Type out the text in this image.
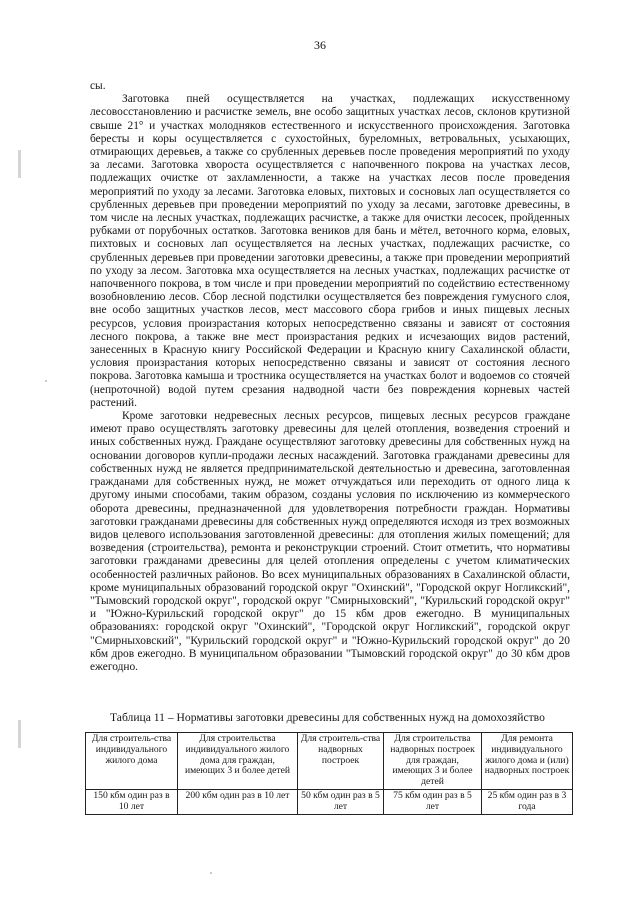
36

сы.

Заготовка пней осуществляется на участках, подлежащих искусственному лесовосстановлению и расчистке земель, вне особо защитных участках лесов, склонов крутизной свыше 21° и участках молодняков естественного и искусственного происхождения. Заготовка бересты и коры осуществляется с сухостойных, буреломных, ветровальных, усыхающих, отмирающих деревьев, а также со срубленных деревьев после проведения мероприятий по уходу за лесами. Заготовка хвороста осуществляется с напочвенного покрова на участках лесов, подлежащих очистке от захламленности, а также на участках лесов после проведения мероприятий по уходу за лесами. Заготовка еловых, пихтовых и сосновых лап осуществляется со срубленных деревьев при проведении мероприятий по уходу за лесами, заготовке древесины, в том числе на лесных участках, подлежащих расчистке, а также для очистки лесосек, пройденных рубками от порубочных остатков. Заготовка веников для бань и мётел, веточного корма, еловых, пихтовых и сосновых лап осуществляется на лесных участках, подлежащих расчистке, со срубленных деревьев при проведении заготовки древесины, а также при проведении мероприятий по уходу за лесом. Заготовка мха осуществляется на лесных участках, подлежащих расчистке от напочвенного покрова, в том числе и при проведении мероприятий по содействию естественному возобновлению лесов. Сбор лесной подстилки осуществляется без повреждения гумусного слоя, вне особо защитных участков лесов, мест массового сбора грибов и иных пищевых лесных ресурсов, условия произрастания которых непосредственно связаны и зависят от состояния лесного покрова, а также вне мест произрастания редких и исчезающих видов растений, занесенных в Красную книгу Российской Федерации и Красную книгу Сахалинской области, условия произрастания которых непосредственно связаны и зависят от состояния лесного покрова. Заготовка камыша и тростника осуществляется на участках болот и водоемов со стоячей (непроточной) водой путем срезания надводной части без повреждения корневых частей растений.

Кроме заготовки недревесных лесных ресурсов, пищевых лесных ресурсов граждане имеют право осуществлять заготовку древесины для целей отопления, возведения строений и иных собственных нужд. Граждане осуществляют заготовку древесины для собственных нужд на основании договоров купли-продажи лесных насаждений. Заготовка гражданами древесины для собственных нужд не является предпринимательской деятельностью и древесина, заготовленная гражданами для собственных нужд, не может отчуждаться или переходить от одного лица к другому иными способами, таким образом, созданы условия по исключению из коммерческого оборота древесины, предназначенной для удовлетворения потребности граждан. Нормативы заготовки гражданами древесины для собственных нужд определяются исходя из трех возможных видов целевого использования заготовленной древесины: для отопления жилых помещений; для возведения (строительства), ремонта и реконструкции строений. Стоит отметить, что нормативы заготовки гражданами древесины для целей отопления определены с учетом климатических особенностей различных районов. Во всех муниципальных образованиях в Сахалинской области, кроме муниципальных образований городской округ "Охинский", "Городской округ Ногликский", "Тымовский городской округ", городской округ "Смирныховский", "Курильский городской округ" и "Южно-Курильский городской округ" до 15 кбм дров ежегодно. В муниципальных образованиях: городской округ "Охинский", "Городской округ Ногликский", городской округ "Смирныховский", "Курильский городской округ" и "Южно-Курильский городской округ" до 20 кбм дров ежегодно. В муниципальном образовании "Тымовский городской округ" до 30 кбм дров ежегодно.

Таблица 11 – Нормативы заготовки древесины для собственных нужд на домохозяйство
Для строитель-ства индивидуального жилого дома	Для строительства индивидуального жилого дома для граждан, имеющих 3 и более детей	Для строитель-ства надворных построек	Для строительства надворных построек для граждан, имеющих 3 и более детей	Для ремонта индивидуального жилого дома и (или) надворных построек
150 кбм один раз в 10 лет	200 кбм один раз в 10 лет	50 кбм один раз в 5 лет	75 кбм один раз в 5 лет	25 кбм один раз в 3 года
